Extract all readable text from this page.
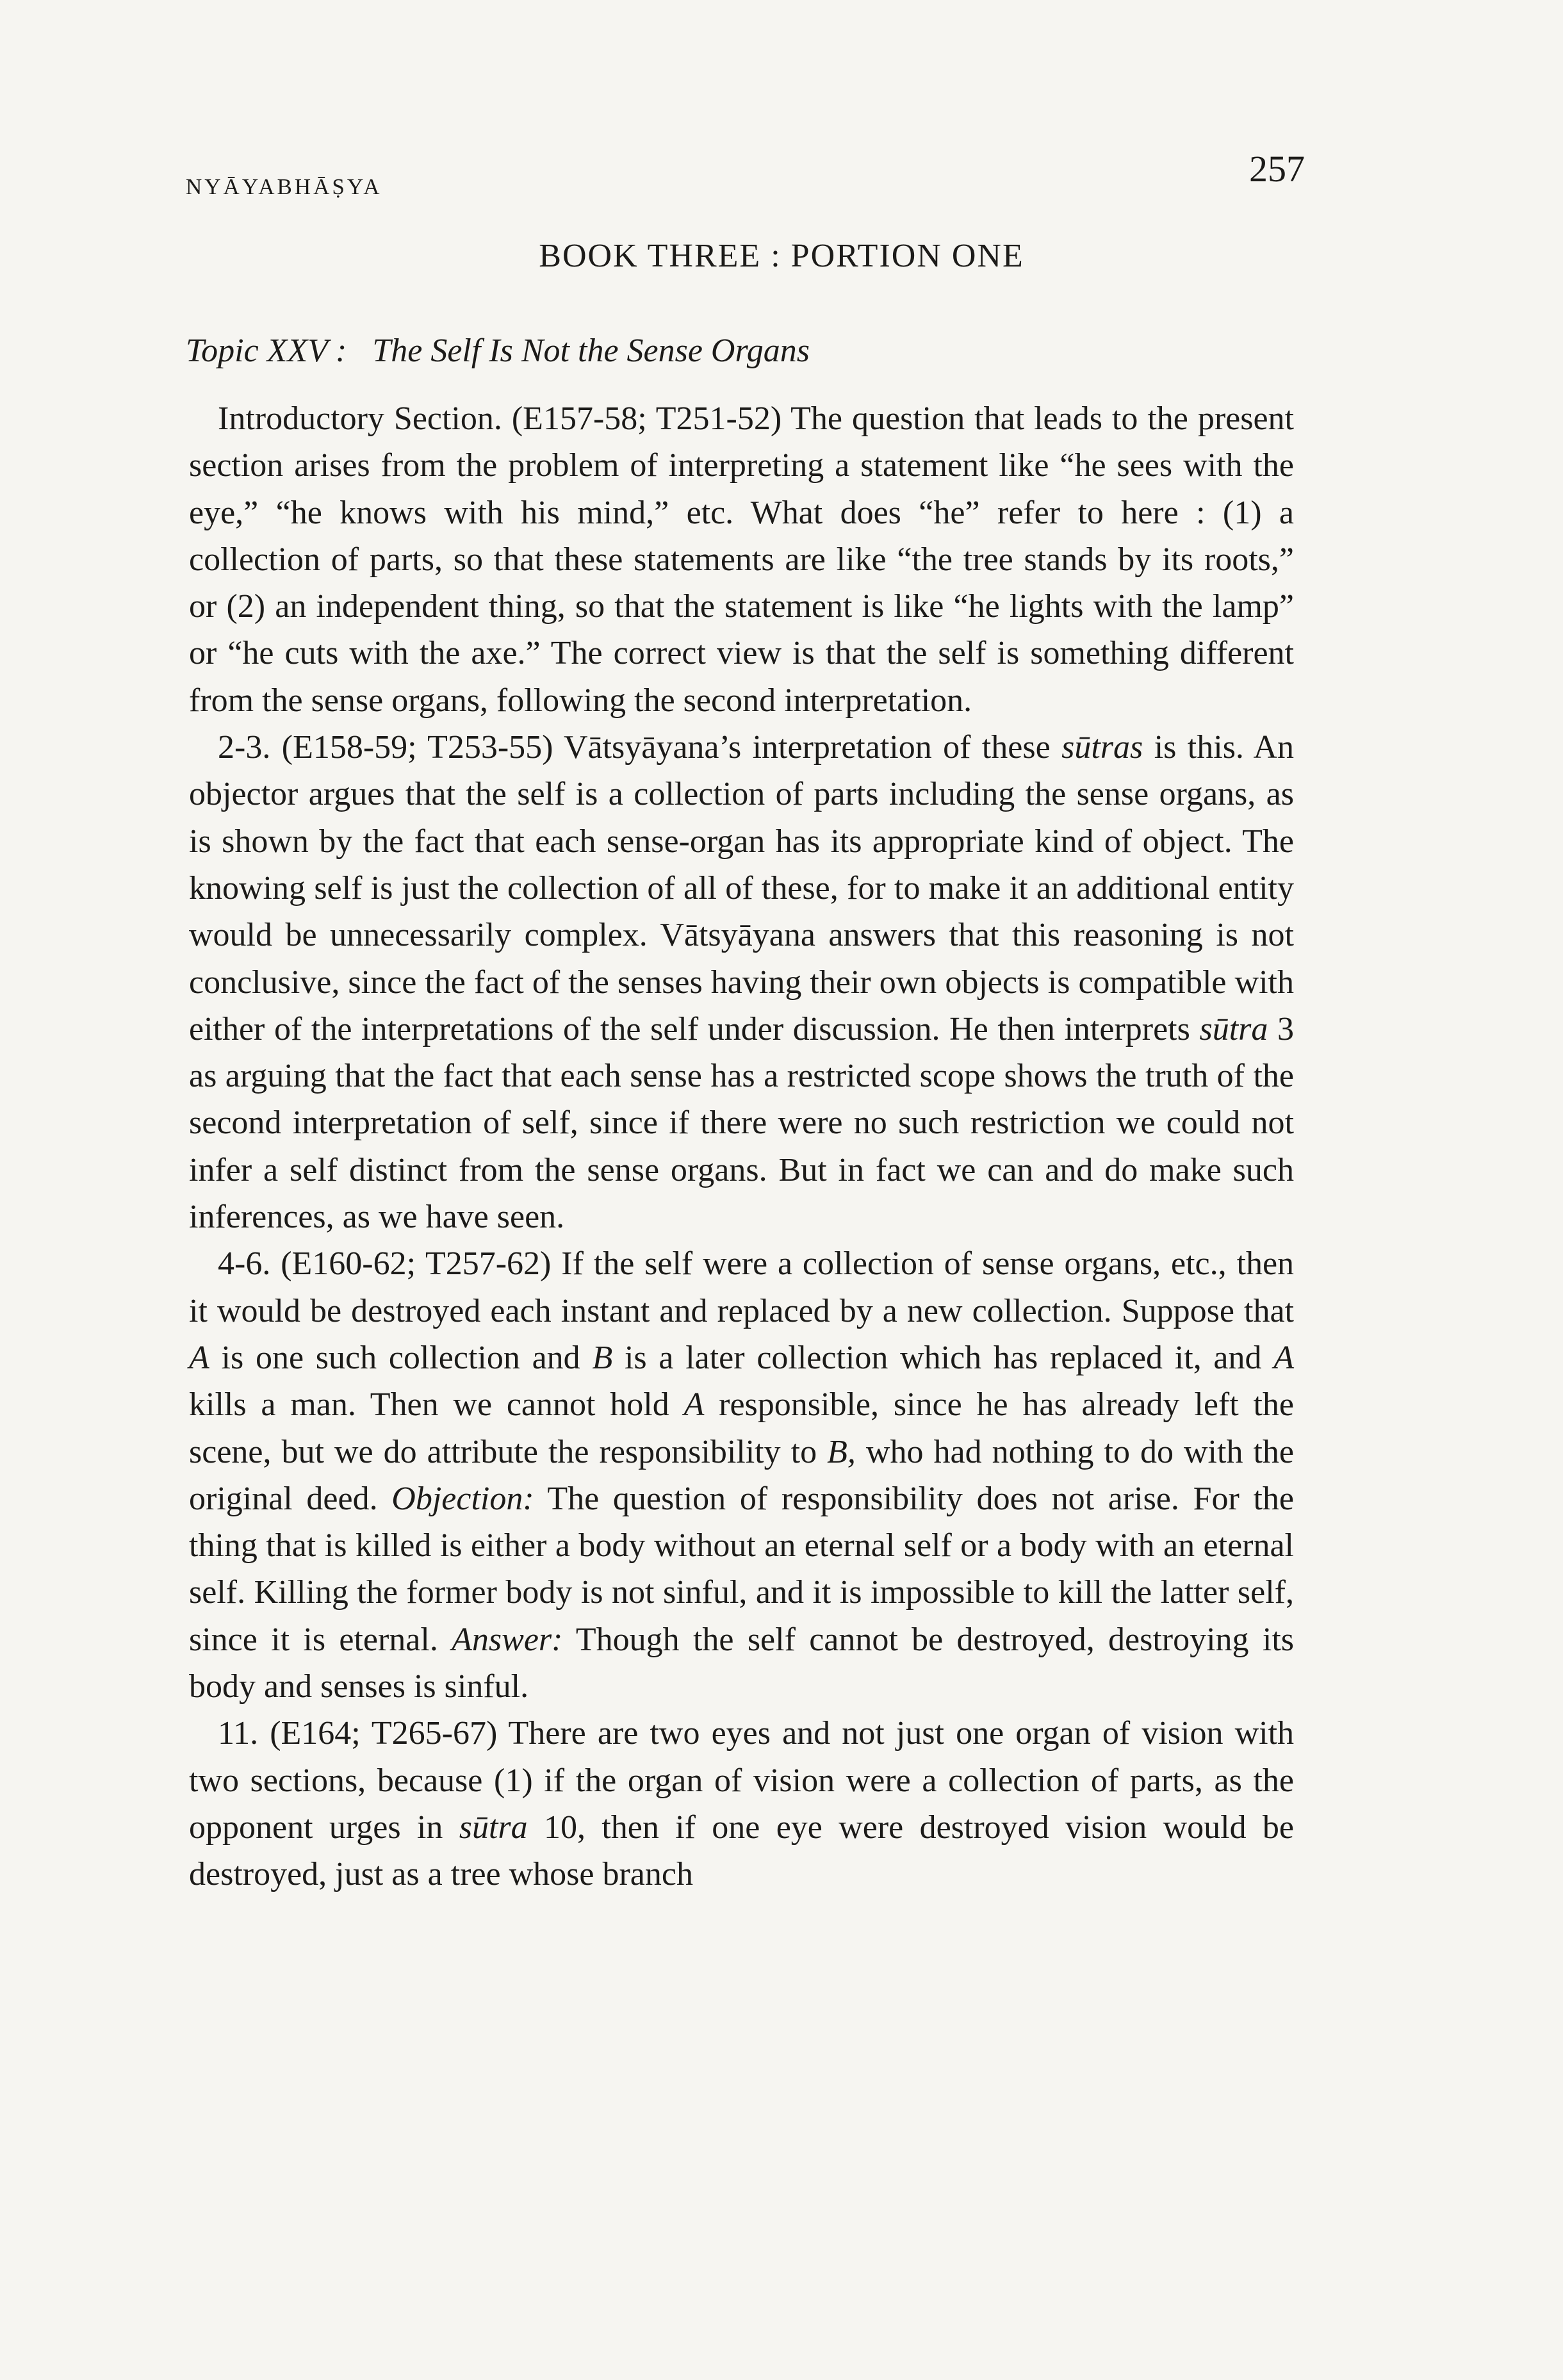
NYĀYABHĀṢYA	257
BOOK THREE : PORTION ONE
Topic XXV : The Self Is Not the Sense Organs

Introductory Section. (E157-58; T251-52) The question that leads to the present section arises from the problem of interpreting a statement like “he sees with the eye,” “he knows with his mind,” etc. What does “he” refer to here : (1) a collection of parts, so that these statements are like “the tree stands by its roots,” or (2) an independent thing, so that the statement is like “he lights with the lamp” or “he cuts with the axe.” The correct view is that the self is something different from the sense organs, following the second interpretation.

2-3. (E158-59; T253-55) Vātsyāyana’s interpretation of these sūtras is this. An objector argues that the self is a collection of parts including the sense organs, as is shown by the fact that each sense-organ has its appropriate kind of object. The knowing self is just the collection of all of these, for to make it an additional entity would be unnecessarily complex. Vātsyāyana answers that this reasoning is not conclusive, since the fact of the senses having their own objects is compatible with either of the interpretations of the self under discussion. He then interprets sūtra 3 as arguing that the fact that each sense has a restricted scope shows the truth of the second interpretation of self, since if there were no such restriction we could not infer a self distinct from the sense organs. But in fact we can and do make such inferences, as we have seen.

4-6. (E160-62; T257-62) If the self were a collection of sense organs, etc., then it would be destroyed each instant and replaced by a new collection. Suppose that A is one such collection and B is a later collection which has replaced it, and A kills a man. Then we cannot hold A responsible, since he has already left the scene, but we do attribute the responsibility to B, who had nothing to do with the original deed. Objection: The question of responsibility does not arise. For the thing that is killed is either a body without an eternal self or a body with an eternal self. Killing the former body is not sinful, and it is impossible to kill the latter self, since it is eternal. Answer: Though the self cannot be destroyed, destroying its body and senses is sinful.

11. (E164; T265-67) There are two eyes and not just one organ of vision with two sections, because (1) if the organ of vision were a collection of parts, as the opponent urges in sūtra 10, then if one eye were destroyed vision would be destroyed, just as a tree whose branch
